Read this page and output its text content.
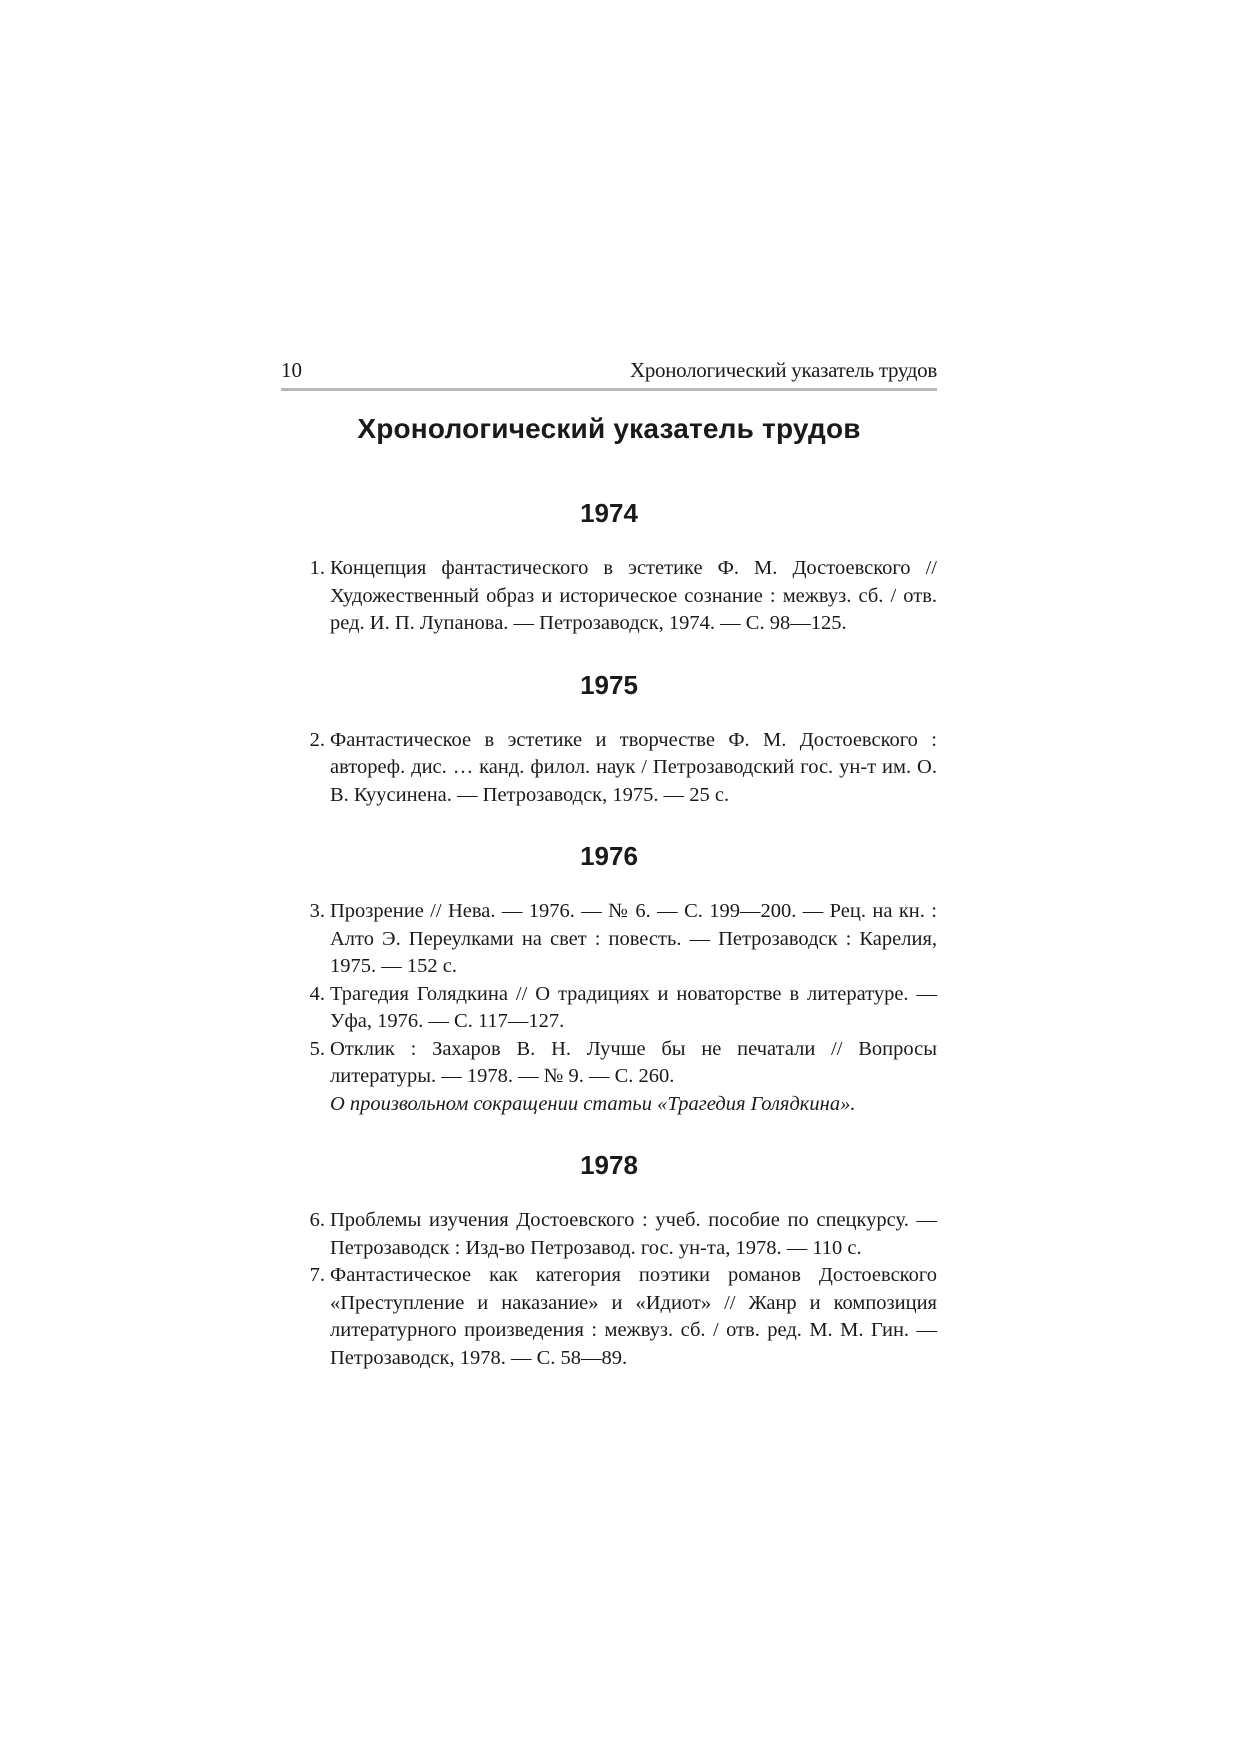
10	Хронологический указатель трудов
Хронологический указатель трудов
1974
1. Концепция фантастического в эстетике Ф. М. Достоевского // Художественный образ и историческое сознание : межвуз. сб. / отв. ред. И. П. Лупанова. — Петрозаводск, 1974. — С. 98—125.
1975
2. Фантастическое в эстетике и творчестве Ф. М. Достоевского : автореф. дис. … канд. филол. наук / Петрозаводский гос. ун-т им. О. В. Куусинена. — Петрозаводск, 1975. — 25 с.
1976
3. Прозрение // Нева. — 1976. — № 6. — С. 199—200. — Рец. на кн. : Алто Э. Переулками на свет : повесть. — Петрозаводск : Карелия, 1975. — 152 с.
4. Трагедия Голядкина // О традициях и новаторстве в литературе. — Уфа, 1976. — С. 117—127.
5. Отклик : Захаров В. Н. Лучше бы не печатали // Вопросы литературы. — 1978. — № 9. — С. 260.
О произвольном сокращении статьи «Трагедия Голядкина».
1978
6. Проблемы изучения Достоевского : учеб. пособие по спецкурсу. — Петрозаводск : Изд-во Петрозавод. гос. ун-та, 1978. — 110 с.
7. Фантастическое как категория поэтики романов Достоевского «Преступление и наказание» и «Идиот» // Жанр и композиция литературного произведения : межвуз. сб. / отв. ред. М. М. Гин. — Петрозаводск, 1978. — С. 58—89.
